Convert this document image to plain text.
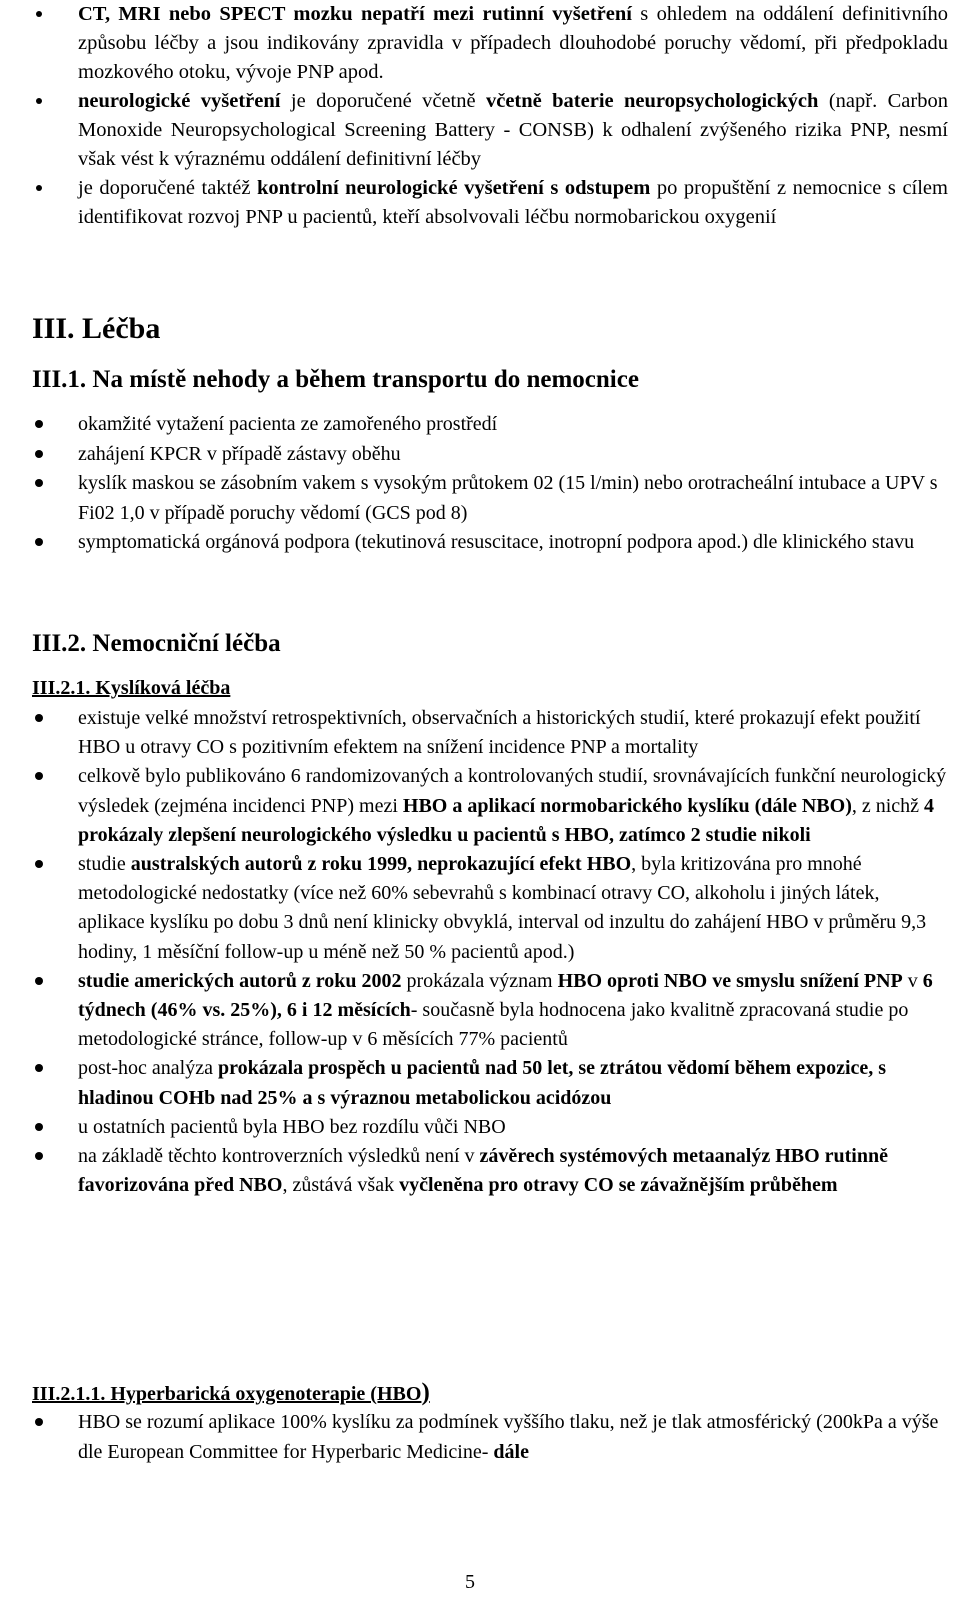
CT, MRI nebo SPECT mozku nepatří mezi rutinní vyšetření s ohledem na oddálení definitivního způsobu léčby a jsou indikovány zpravidla v případech dlouhodobé poruchy vědomí, při předpokladu mozkového otoku, vývoje PNP apod.
neurologické vyšetření je doporučené včetně včetně baterie neuropsychologických (např. Carbon Monoxide Neuropsychological Screening Battery - CONSB) k odhalení zvýšeného rizika PNP, nesmí však vést k výraznému oddálení definitivní léčby
je doporučené taktéž kontrolní neurologické vyšetření s odstupem po propuštění z nemocnice s cílem identifikovat rozvoj PNP u pacientů, kteří absolvovali léčbu normobarickou oxygenií
III. Léčba
III.1. Na místě nehody a během transportu do nemocnice
okamžité vytažení pacienta ze zamořeného prostředí
zahájení KPCR v případě zástavy oběhu
kyslík maskou se zásobním vakem s vysokým průtokem 02 (15 l/min) nebo orotracheální intubace a UPV s Fi02 1,0 v případě poruchy vědomí (GCS pod 8)
symptomatická orgánová podpora (tekutinová resuscitace, inotropní podpora apod.) dle klinického stavu
III.2. Nemocniční léčba
III.2.1. Kyslíková léčba
existuje velké množství retrospektivních, observačních a historických studií, které prokazují efekt použití HBO u otravy CO s pozitivním efektem na snížení incidence PNP a mortality
celkově bylo publikováno 6 randomizovaných a kontrolovaných studií, srovnávajících funkční neurologický výsledek (zejména incidenci PNP) mezi HBO a aplikací normobarického kyslíku (dále NBO), z nichž 4 prokázaly zlepšení neurologického výsledku u pacientů s HBO, zatímco 2 studie nikoli
studie australských autorů z roku 1999, neprokazující efekt HBO, byla kritizována pro mnohé metodologické nedostatky (více než 60% sebevrahů s kombinací otravy CO, alkoholu i jiných látek, aplikace kyslíku po dobu 3 dnů není klinicky obvyklá, interval od inzultu do zahájení HBO v průměru 9,3 hodiny, 1 měsíční follow-up u méně než 50 % pacientů apod.)
studie amerických autorů z roku 2002 prokázala význam HBO oproti NBO ve smyslu snížení PNP v 6 týdnech (46% vs. 25%), 6 i 12 měsících- současně byla hodnocena jako kvalitně zpracovaná studie po metodologické stránce, follow-up v 6 měsících 77% pacientů
post-hoc analýza prokázala prospěch u pacientů nad 50 let, se ztrátou vědomí během expozice, s hladinou COHb nad 25% a s výraznou metabolickou acidózou
u ostatních pacientů byla HBO bez rozdílu vůči NBO
na základě těchto kontroverzních výsledků není v závěrech systémových metaanalýz HBO rutinně favorizována před NBO, zůstává však vyčleněna pro otravy CO se závažnějším průběhem
III.2.1.1. Hyperbarická oxygenoterapie (HBO)
HBO se rozumí aplikace 100% kyslíku za podmínek vyššího tlaku, než je tlak atmosférický (200kPa a výše dle European Committee for Hyperbaric Medicine- dále
5
